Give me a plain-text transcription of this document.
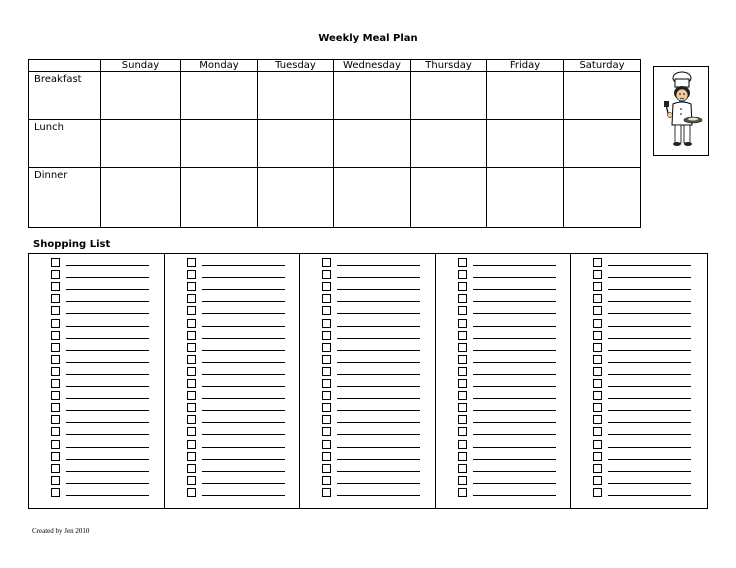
Weekly Meal Plan
	Sunday	Monday	Tuesday	Wednesday	Thursday	Friday	Saturday
Breakfast							
Lunch							
Dinner							
Shopping List
Created by Jen 2010
